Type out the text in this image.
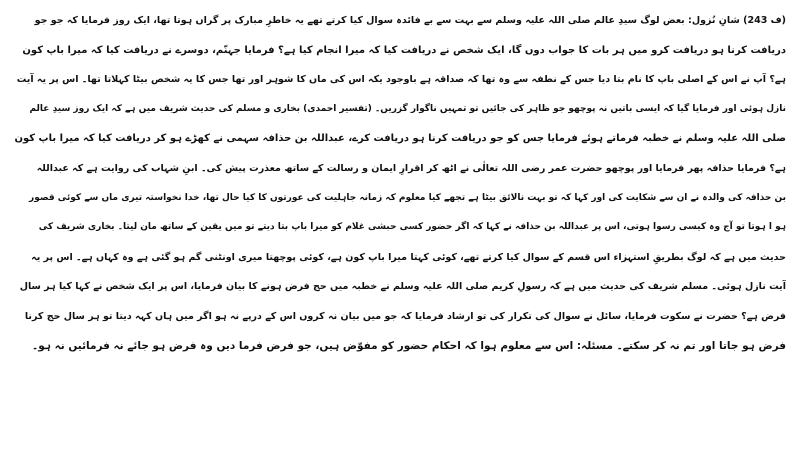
(ف 243) شانِ نُزول: بعض لوگ سیدِ عالم صلی اللہ علیہ وسلم سے بہت سے بے فائدہ سوال کیا کرتے تھے یہ خاطرِ مبارک پر گراں ہوتا تھا، ایک روز فرمایا کہ جو جو
دریافت کرنا ہو دریافت کرو میں ہر بات کا جواب دوں گا، ایک شخص نے دریافت کیا کہ میرا انجام کیا ہے؟ فرمایا جہنّم، دوسرے نے دریافت کیا کہ میرا باپ کون
ہے؟ آپ نے اس کے اصلی باپ کا نام بتا دیا جس کے نطفہ سے وہ تھا کہ صداقہ ہے باوجود یکہ اس کی ماں کا شوہر اور تھا جس کا یہ شخص بیٹا کہلاتا تھا۔ اس پر یہ آیت
نازل ہوئی اور فرمایا گیا کہ ایسی باتیں نہ پوچھو جو ظاہر کی جائیں تو تمہیں ناگوار گزریں۔ (تفسیر احمدی) بخاری و مسلم کی حدیث شریف میں ہے کہ ایک روز سیدِ عالم
صلی اللہ علیہ وسلم نے خطبہ فرماتے ہوئے فرمایا جس کو جو دریافت کرنا ہو دریافت کرے، عبداللہ بن حذافہ سہمی نے کھڑے ہو کر دریافت کیا کہ میرا باپ کون
ہے؟ فرمایا حذافہ پھر فرمایا اور پوچھو حضرت عمر رضی اللہ تعالٰی نے اٹھ کر اقرارِ ایمان و رسالت کے ساتھ معذرت پیش کی۔ ابنِ شہاب کی روایت ہے کہ عبداللہ
بن حذافہ کی والدہ نے ان سے شکایت کی اور کہا کہ تو بہت نالائق بیٹا ہے تجھے کیا معلوم کہ زمانہ جاہلیت کی عورتوں کا کیا حال تھا، خدا نخواستہ تیری ماں سے کوئی قصور
ہو ا ہوتا تو آج وہ کیسی رسوا ہوتی، اس پر عبداللہ بن حذافہ نے کہا کہ اگر حضور کسی حبشی غلام کو میرا باپ بتا دیتے تو میں یقین کے ساتھ مان لیتا۔ بخاری شریف کی
حدیث میں ہے کہ لوگ بطریقِ استہزاء اس قسم کے سوال کیا کرتے تھے، کوئی کہتا میرا باپ کون ہے، کوئی پوچھتا میری اونٹنی گم ہو گئی ہے وہ کہاں ہے۔ اس پر یہ
آیت نازل ہوئی۔ مسلم شریف کی حدیث میں ہے کہ رسولِ کریم صلی اللہ علیہ وسلم نے خطبہ میں حج فرض ہونے کا بیان فرمایا، اس پر ایک شخص نے کہا کیا ہر سال
فرض ہے؟ حضرت نے سکوت فرمایا، سائل نے سوال کی تکرار کی تو ارشاد فرمایا کہ جو میں بیان نہ کروں اس کے درپے نہ ہو اگر میں ہاں کہہ دیتا تو ہر سال حج کرنا
فرض ہو جاتا اور تم نہ کر سکتے۔ مسئلہ: اس سے معلوم ہوا کہ احکام حضور کو مفوّض ہیں، جو فرض فرما دیں وہ فرض ہو جائے نہ فرمائیں نہ ہو۔
